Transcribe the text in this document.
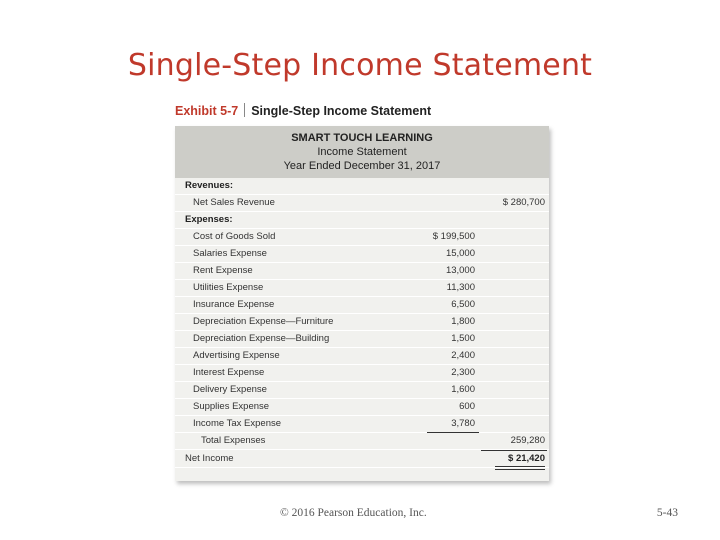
Single-Step Income Statement
Exhibit 5-7 Single-Step Income Statement
SMART TOUCH LEARNING
Income Statement
Year Ended December 31, 2017
Revenues:
Net Sales Revenue	$ 280,700
Expenses:
Cost of Goods Sold	$ 199,500
Salaries Expense	15,000
Rent Expense	13,000
Utilities Expense	11,300
Insurance Expense	6,500
Depreciation Expense—Furniture	1,800
Depreciation Expense—Building	1,500
Advertising Expense	2,400
Interest Expense	2,300
Delivery Expense	1,600
Supplies Expense	600
Income Tax Expense	3,780
Total Expenses	259,280
Net Income	$ 21,420
© 2016 Pearson Education, Inc.	5-43
